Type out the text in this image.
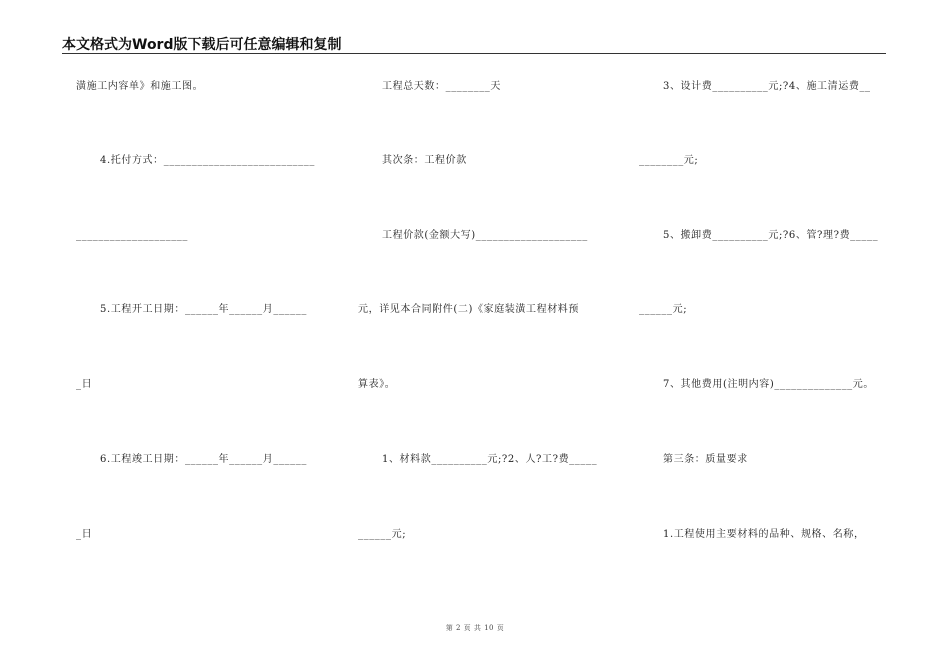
本文格式为Word版下载后可任意编辑和复制
潢施工内容单》和施工图。
4.托付方式：___________________________
____________________
5.工程开工日期：______年______月______
_日
6.工程竣工日期：______年______月______
_日
工程总天数：________天
其次条：工程价款
工程价款(金额大写)____________________
元，详见本合同附件(二)《家庭装潢工程材料预
算表》。
1、材料款__________元;?2、人?工?费_____
______元;
3、设计费__________元;?4、施工清运费__
________元;
5、搬卸费__________元;?6、管?理?费_____
______元;
7、其他费用(注明内容)______________元。
第三条：质量要求
1.工程使用主要材料的品种、规格、名称，
第 2 页 共 10 页
